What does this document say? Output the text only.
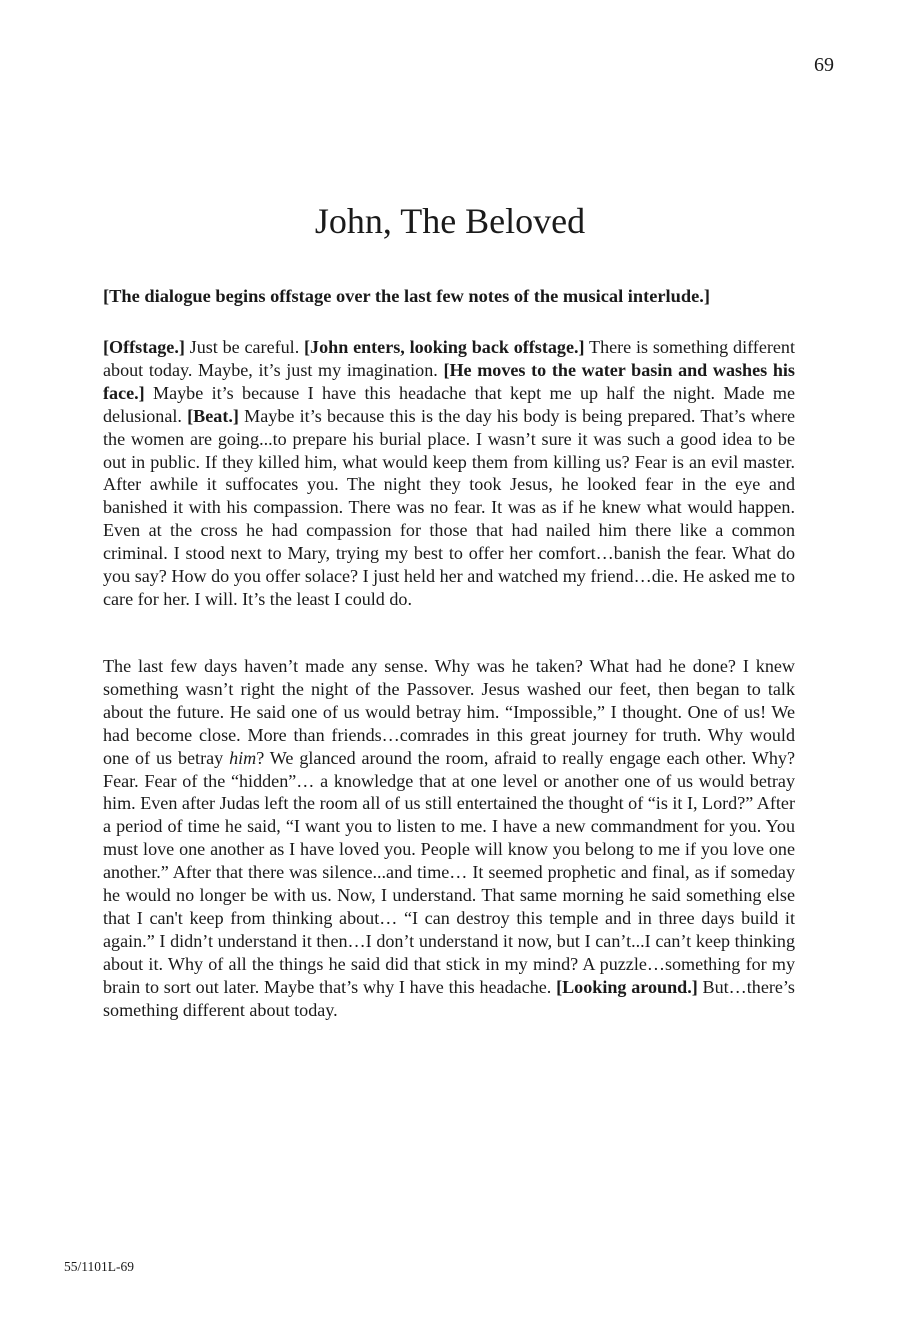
69
John, The Beloved

[The dialogue begins offstage over the last few notes of the musical interlude.]

[Offstage.] Just be careful. [John enters, looking back offstage.] There is something different about today. Maybe, it’s just my imagination. [He moves to the water basin and washes his face.] Maybe it’s because I have this headache that kept me up half the night. Made me delusional. [Beat.] Maybe it’s because this is the day his body is being prepared. That’s where the women are going...to prepare his burial place. I wasn’t sure it was such a good idea to be out in public. If they killed him, what would keep them from killing us? Fear is an evil master. After awhile it suffocates you. The night they took Jesus, he looked fear in the eye and banished it with his compassion. There was no fear. It was as if he knew what would happen. Even at the cross he had compassion for those that had nailed him there like a common criminal. I stood next to Mary, trying my best to offer her comfort…banish the fear. What do you say? How do you offer solace? I just held her and watched my friend…die. He asked me to care for her. I will. It’s the least I could do.

The last few days haven’t made any sense. Why was he taken? What had he done? I knew something wasn’t right the night of the Passover. Jesus washed our feet, then began to talk about the future. He said one of us would betray him. “Impossible,” I thought. One of us! We had become close. More than friends…comrades in this great journey for truth. Why would one of us betray him? We glanced around the room, afraid to really engage each other. Why? Fear. Fear of the “hidden”… a knowledge that at one level or another one of us would betray him. Even after Judas left the room all of us still entertained the thought of “is it I, Lord?” After a period of time he said, “I want you to listen to me. I have a new commandment for you. You must love one another as I have loved you. People will know you belong to me if you love one another.” After that there was silence...and time… It seemed prophetic and final, as if someday he would no longer be with us. Now, I understand. That same morning he said something else that I can't keep from thinking about… “I can destroy this temple and in three days build it again.” I didn’t understand it then…I don’t understand it now, but I can’t...I can’t keep thinking about it. Why of all the things he said did that stick in my mind? A puzzle…something for my brain to sort out later. Maybe that’s why I have this headache. [Looking around.] But…there’s something different about today.

55/1101L-69
